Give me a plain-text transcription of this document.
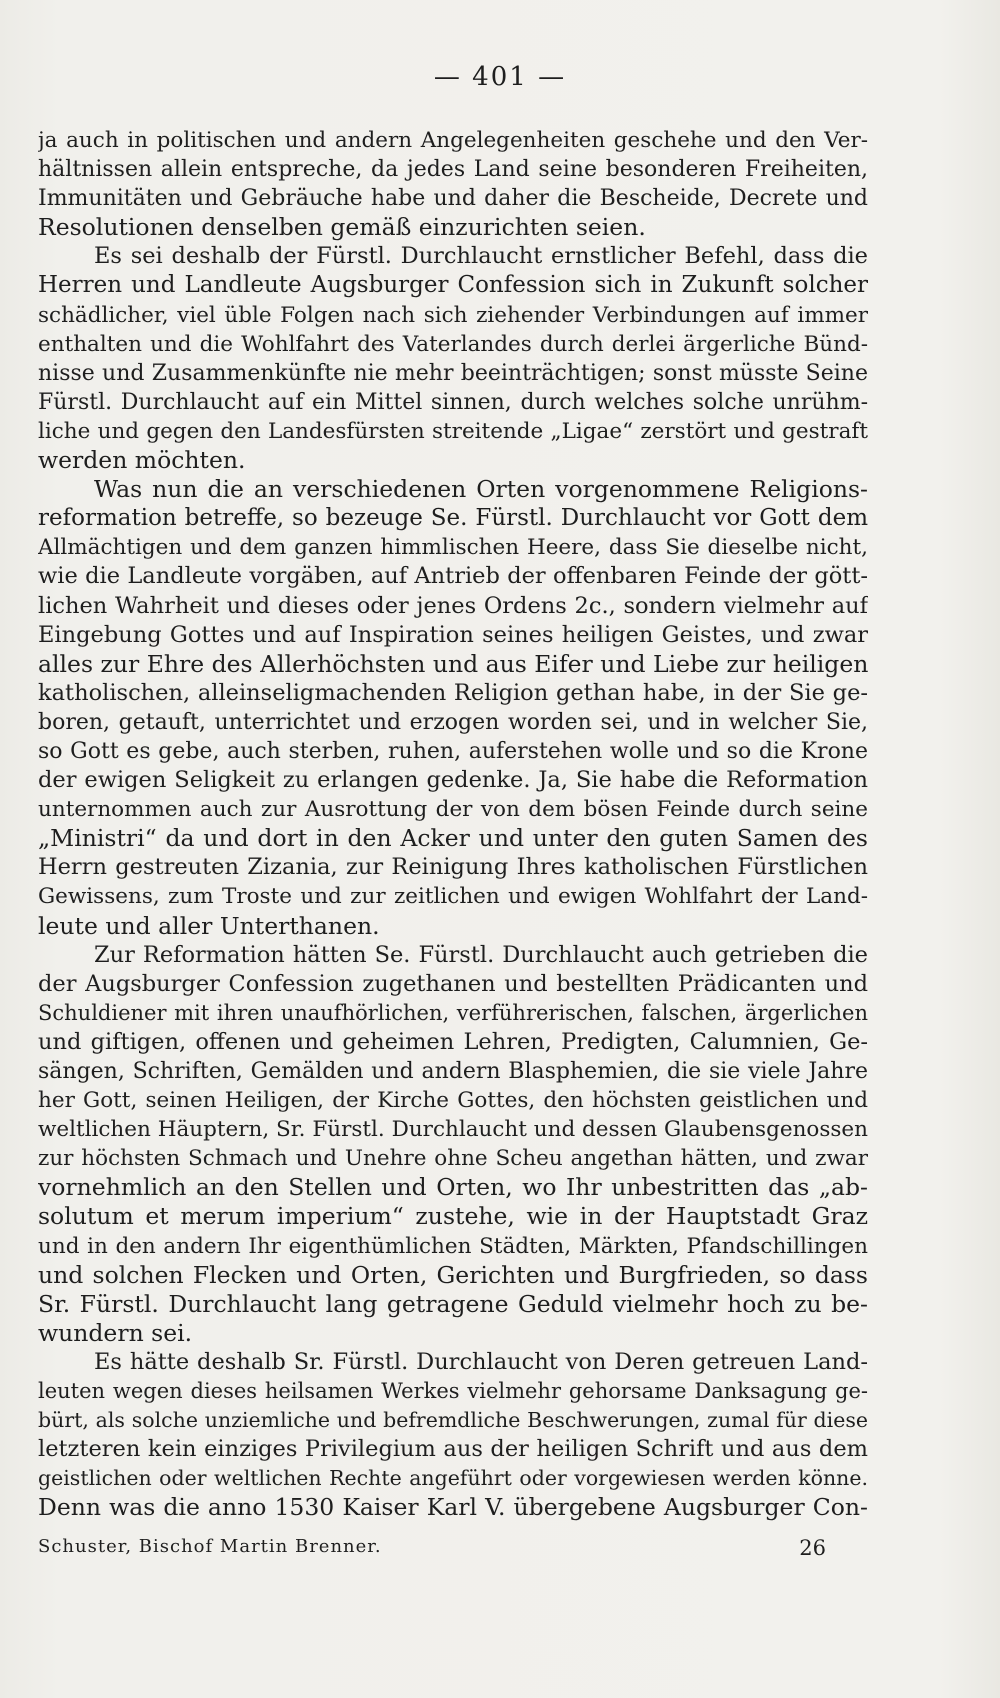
— 401 —
ja auch in politischen und andern Angelegenheiten geschehe und den Ver-
hältnissen allein entspreche, da jedes Land seine besonderen Freiheiten,
Immunitäten und Gebräuche habe und daher die Bescheide, Decrete und
Resolutionen denselben gemäß einzurichten seien.
Es sei deshalb der Fürstl. Durchlaucht ernstlicher Befehl, dass die
Herren und Landleute Augsburger Confession sich in Zukunft solcher
schädlicher, viel üble Folgen nach sich ziehender Verbindungen auf immer
enthalten und die Wohlfahrt des Vaterlandes durch derlei ärgerliche Bünd-
nisse und Zusammenkünfte nie mehr beeinträchtigen; sonst müsste Seine
Fürstl. Durchlaucht auf ein Mittel sinnen, durch welches solche unrühm-
liche und gegen den Landesfürsten streitende „Ligae“ zerstört und gestraft
werden möchten.
Was nun die an verschiedenen Orten vorgenommene Religions-
reformation betreffe, so bezeuge Se. Fürstl. Durchlaucht vor Gott dem
Allmächtigen und dem ganzen himmlischen Heere, dass Sie dieselbe nicht,
wie die Landleute vorgäben, auf Antrieb der offenbaren Feinde der gött-
lichen Wahrheit und dieses oder jenes Ordens 2c., sondern vielmehr auf
Eingebung Gottes und auf Inspiration seines heiligen Geistes, und zwar
alles zur Ehre des Allerhöchsten und aus Eifer und Liebe zur heiligen
katholischen, alleinseligmachenden Religion gethan habe, in der Sie ge-
boren, getauft, unterrichtet und erzogen worden sei, und in welcher Sie,
so Gott es gebe, auch sterben, ruhen, auferstehen wolle und so die Krone
der ewigen Seligkeit zu erlangen gedenke. Ja, Sie habe die Reformation
unternommen auch zur Ausrottung der von dem bösen Feinde durch seine
„Ministri“ da und dort in den Acker und unter den guten Samen des
Herrn gestreuten Zizania, zur Reinigung Ihres katholischen Fürstlichen
Gewissens, zum Troste und zur zeitlichen und ewigen Wohlfahrt der Land-
leute und aller Unterthanen.
Zur Reformation hätten Se. Fürstl. Durchlaucht auch getrieben die
der Augsburger Confession zugethanen und bestellten Prädicanten und
Schuldiener mit ihren unaufhörlichen, verführerischen, falschen, ärgerlichen
und giftigen, offenen und geheimen Lehren, Predigten, Calumnien, Ge-
sängen, Schriften, Gemälden und andern Blasphemien, die sie viele Jahre
her Gott, seinen Heiligen, der Kirche Gottes, den höchsten geistlichen und
weltlichen Häuptern, Sr. Fürstl. Durchlaucht und dessen Glaubensgenossen
zur höchsten Schmach und Unehre ohne Scheu angethan hätten, und zwar
vornehmlich an den Stellen und Orten, wo Ihr unbestritten das „ab-
solutum et merum imperium“ zustehe, wie in der Hauptstadt Graz
und in den andern Ihr eigenthümlichen Städten, Märkten, Pfandschillingen
und solchen Flecken und Orten, Gerichten und Burgfrieden, so dass
Sr. Fürstl. Durchlaucht lang getragene Geduld vielmehr hoch zu be-
wundern sei.
Es hätte deshalb Sr. Fürstl. Durchlaucht von Deren getreuen Land-
leuten wegen dieses heilsamen Werkes vielmehr gehorsame Danksagung ge-
bürt, als solche unziemliche und befremdliche Beschwerungen, zumal für diese
letzteren kein einziges Privilegium aus der heiligen Schrift und aus dem
geistlichen oder weltlichen Rechte angeführt oder vorgewiesen werden könne.
Denn was die anno 1530 Kaiser Karl V. übergebene Augsburger Con-
Schuster, Bischof Martin Brenner.	26
